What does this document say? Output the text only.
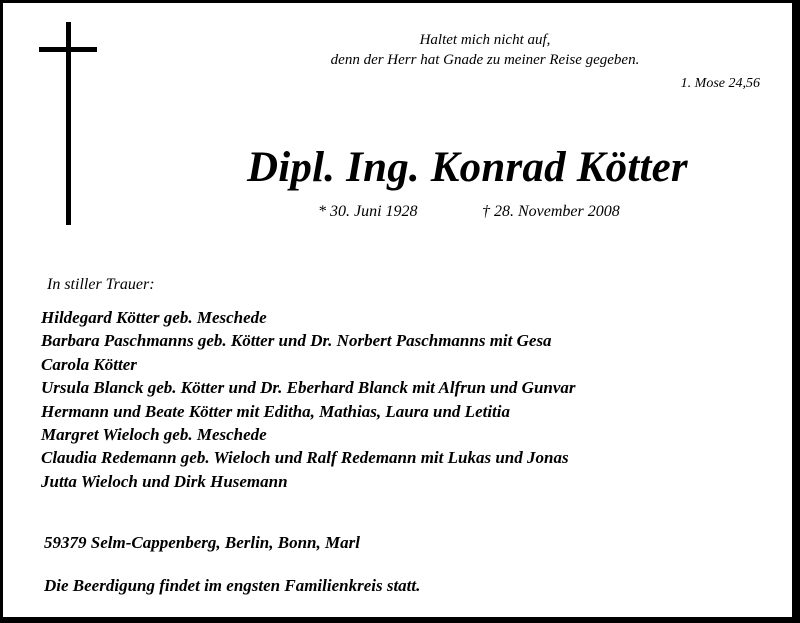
Haltet mich nicht auf,
denn der Herr hat Gnade zu meiner Reise gegeben.
1. Mose 24,56
Dipl. Ing. Konrad Kötter
* 30. Juni 1928	† 28. November 2008
In stiller Trauer:
Hildegard Kötter geb. Meschede
Barbara Paschmanns geb. Kötter und Dr. Norbert Paschmanns mit Gesa
Carola Kötter
Ursula Blanck geb. Kötter und Dr. Eberhard Blanck mit Alfrun und Gunvar
Hermann und Beate Kötter mit Editha, Mathias, Laura und Letitia
Margret Wieloch geb. Meschede
Claudia Redemann geb. Wieloch und Ralf Redemann mit Lukas und Jonas
Jutta Wieloch und Dirk Husemann
59379 Selm-Cappenberg, Berlin, Bonn, Marl
Die Beerdigung findet im engsten Familienkreis statt.
